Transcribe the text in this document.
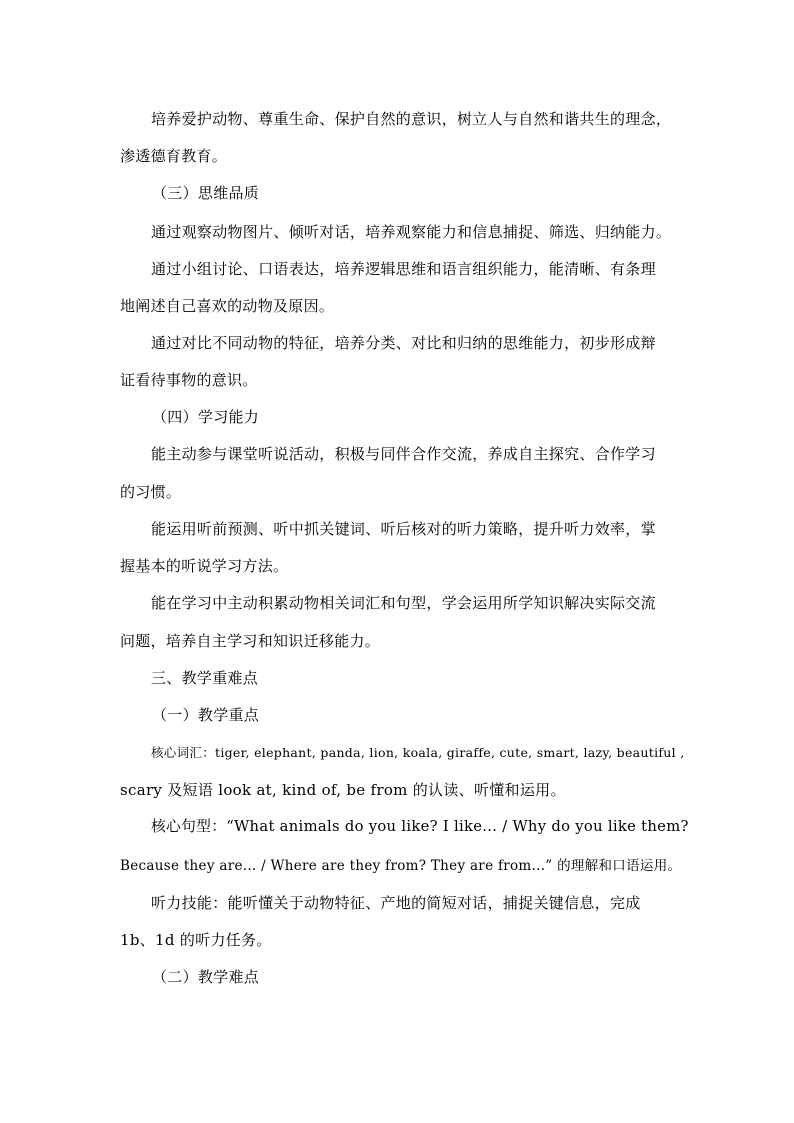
培养爱护动物、尊重生命、保护自然的意识，树立人与自然和谐共生的理念，
渗透德育教育。
（三）思维品质
通过观察动物图片、倾听对话，培养观察能力和信息捕捉、筛选、归纳能力。
通过小组讨论、口语表达，培养逻辑思维和语言组织能力，能清晰、有条理
地阐述自己喜欢的动物及原因。
通过对比不同动物的特征，培养分类、对比和归纳的思维能力，初步形成辩
证看待事物的意识。
（四）学习能力
能主动参与课堂听说活动，积极与同伴合作交流，养成自主探究、合作学习
的习惯。
能运用听前预测、听中抓关键词、听后核对的听力策略，提升听力效率，掌
握基本的听说学习方法。
能在学习中主动积累动物相关词汇和句型，学会运用所学知识解决实际交流
问题，培养自主学习和知识迁移能力。
三、教学重难点
（一）教学重点
核心词汇：tiger, elephant, panda, lion, koala, giraffe, cute, smart, lazy, beautiful ,
scary 及短语 look at, kind of, be from 的认读、听懂和运用。
核心句型：“What animals do you like? I like... / Why do you like them?
Because they are... / Where are they from? They are from...” 的理解和口语运用。
听力技能：能听懂关于动物特征、产地的简短对话，捕捉关键信息，完成
1b、1d 的听力任务。
（二）教学难点
